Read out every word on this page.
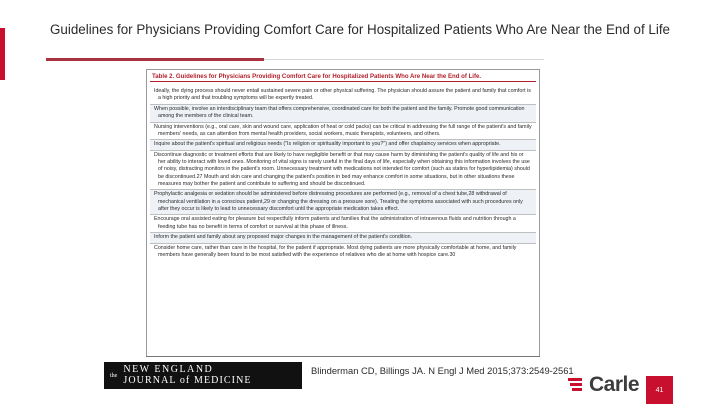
Guidelines for Physicians Providing Comfort Care for Hospitalized Patients Who Are Near the End of Life
Table 2. Guidelines for Physicians Providing Comfort Care for Hospitalized Patients Who Are Near the End of Life.
Ideally, the dying process should never entail sustained severe pain or other physical suffering. The physician should assure the patient and family that comfort is a high priority and that troubling symptoms will be expertly treated.
When possible, involve an interdisciplinary team that offers comprehensive, coordinated care for both the patient and the family. Promote good communication among the members of the clinical team.
Nursing interventions (e.g., oral care, skin and wound care, application of heat or cold packs) can be critical in addressing the full range of the patient's and family members' needs, as can attention from mental health providers, social workers, music therapists, volunteers, and others.
Inquire about the patient's spiritual and religious needs ("Is religion or spirituality important to you?") and offer chaplaincy services when appropriate.
Discontinue diagnostic or treatment efforts that are likely to have negligible benefit or that may cause harm by diminishing the patient's quality of life and his or her ability to interact with loved ones. Monitoring of vital signs is rarely useful in the final days of life, especially when obtaining this information involves the use of noisy, distracting monitors in the patient's room. Unnecessary treatment with medications not intended for comfort (such as statins for hyperlipidemia) should be discontinued.27 Mouth and skin care and changing the patient's position in bed may enhance comfort in some situations, but in other situations these measures may bother the patient and contribute to suffering and should be discontinued.
Prophylactic analgesia or sedation should be administered before distressing procedures are performed (e.g., removal of a chest tube,28 withdrawal of mechanical ventilation in a conscious patient,29 or changing the dressing on a pressure sore). Treating the symptoms associated with such procedures only after they occur is likely to lead to unnecessary discomfort until the appropriate medication takes effect.
Encourage oral assisted eating for pleasure but respectfully inform patients and families that the administration of intravenous fluids and nutrition through a feeding tube has no benefit in terms of comfort or survival at this phase of illness.
Inform the patient and family about any proposed major changes in the management of the patient's condition.
Consider home care, rather than care in the hospital, for the patient if appropriate. Most dying patients are more physically comfortable at home, and family members have generally been found to be most satisfied with the experience of relatives who die at home with hospice care.30
the
NEW ENGLAND
JOURNAL of MEDICINE
Blinderman CD, Billings JA. N Engl J Med 2015;373:2549-2561
Carle	41
